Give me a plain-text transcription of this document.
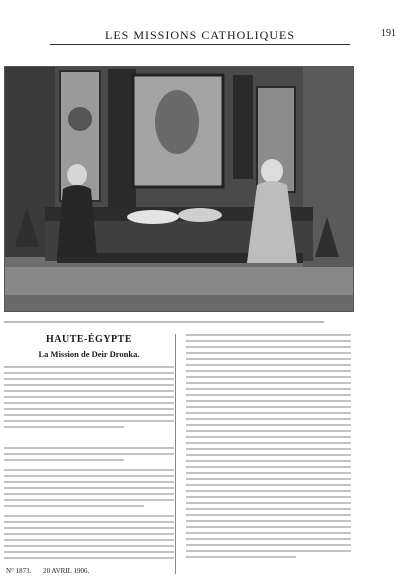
LES MISSIONS CATHOLIQUES	191
HAUTE-ÉGYPTE
La Mission de Deir Dronka.
N° 1873. 20 AVRIL 1906.
